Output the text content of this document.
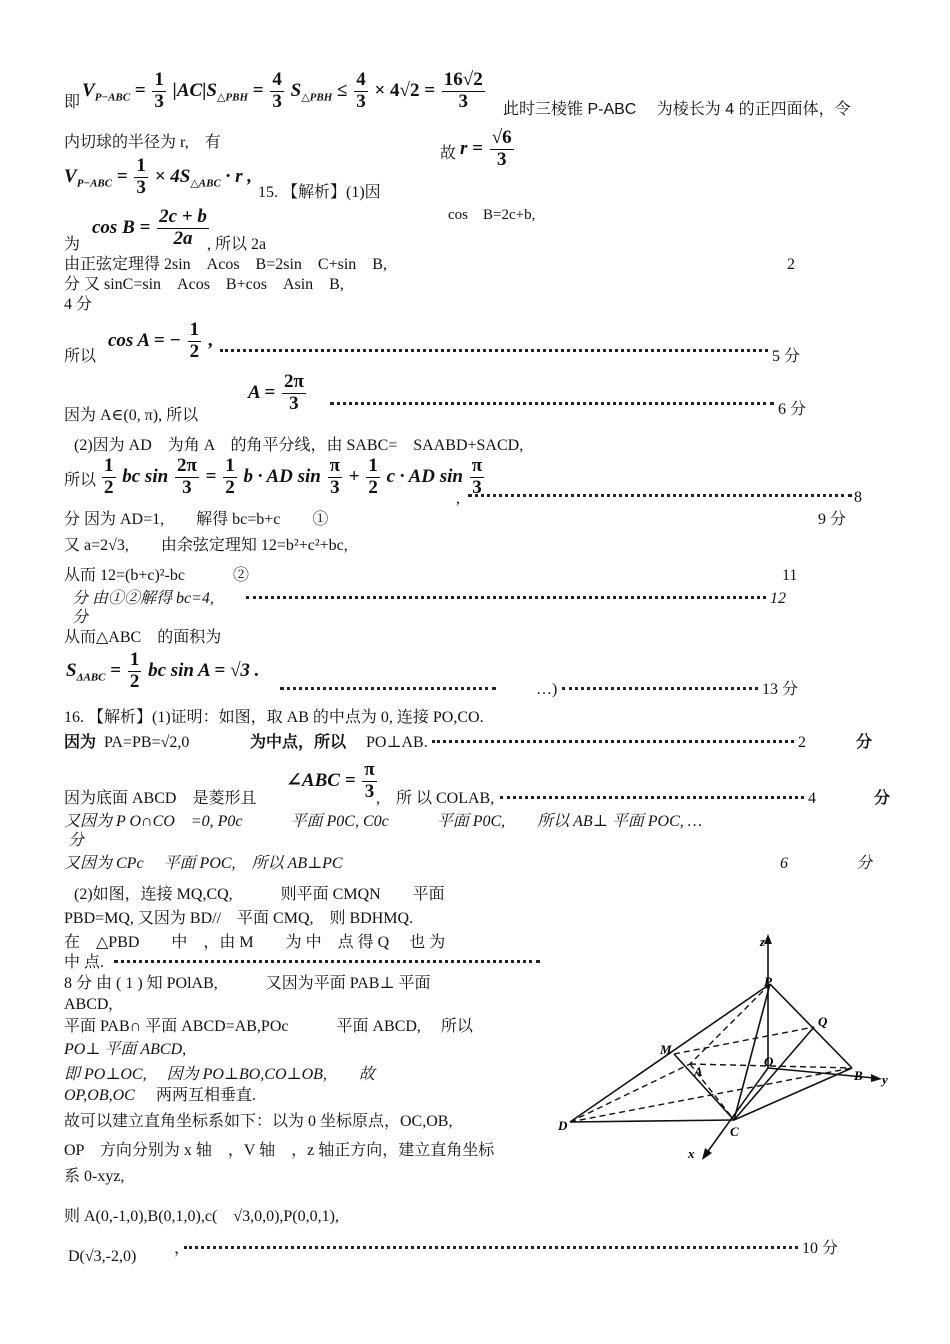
即
$V_{P-ABC} = \frac{1}{3} |AC|S_{\triangle PBH} = \frac{4}{3} S_{\triangle PBH} \le \frac{4}{3} \times 4√2 = \frac{16√2}{3}$ 此时三棱锥 P-ABC　 为棱长为 4 的正四面体，令
内切球的半径为 r,　有
故 $r = \frac{√6}{3}$
$V_{P-ABC} = \frac{1}{3} \times 4S_{\triangle ABC} \cdot r$ ,
15. 【解析】(1)因
cos　B=2c+b,
$\cos B = \frac{2c + b}{2a}$
为	, 所以 2a
由正弦定理得 2sin　Acos　B=2sin　C+sin　B,	2
分 又 sinC=sin　Acos　B+cos　Asin　B,
4 分
所以
cos A = − $\frac{1}{2}$ ,
5 分
因为 A∈(0, π), 所以
$A = \frac{2\pi}{3}$	6 分
(2)因为 AD　为角 A　的角平分线，由 SABC=　SAABD+SACD,
所以 $\frac{1}{2}$ bc $\sin \frac{2\pi}{3} = \frac{1}{2}$ b · AD $\sin \frac{\pi}{3} + \frac{1}{2}$ c · AD $\sin \frac{\pi}{3}$
,	8
分 因为 AD=1,　　解得 bc=b+c　　①	9 分
又 a=2√3,　　由余弦定理知 12=b²+c²+bc,
从而 12=(b+c)²-bc　　　②	11
分 由①②解得 bc=4,	12
分
从而△ABC　的面积为
$S_{\Delta ABC} = \frac{1}{2}$ bc sin A = √3 .
…)	13 分
16. 【解析】(1)证明：如图，取 AB 的中点为 0, 连接 PO,CO.
因为 PA=PB=√2,0	为中点，所以 PO⊥AB.	2	分
因为底面 ABCD　是菱形且
∠ABC = $\frac{\pi}{3}$ ,　所 以 COLAB,	4	分
又因为 P O∩CO　=0, P0c　　　平面 P0C, C0c　　　平面 P0C,　　所以 AB⊥ 平面 POC, …
分
又因为 CPc　 平面 POC,　所以 AB⊥PC	6	分
(2)如图，连接 MQ,CQ,　　　则平面 CMQN　　平面
PBD=MQ, 又因为 BD//　平面 CMQ,　则 BDHMQ.
在　△PBD　　中　，由 M　　为 中　点 得 Q　 也 为
中 点.
8 分 由 ( 1 ) 知 POlAB,　　　又因为平面 PAB⊥ 平面
ABCD,
平面 PAB∩ 平面 ABCD=AB,POc　　　平面 ABCD,　 所以
PO⊥ 平面 ABCD,
即 PO⊥OC,　 因为 PO⊥BO,CO⊥OB,　　故
OP,OB,OC 两两互相垂直.
故可以建立直角坐标系如下：以为 0 坐标原点，OC,OB,
OP　方向分别为 x 轴　，V 轴　，z 轴正方向，建立直角坐标
系 0-xyz,
则 A(0,-1,0),B(0,1,0),c(　√3,0,0),P(0,0,1),
D(√3,-2,0) ，	10 分
z
y
x
P
Q
M
A
O
B
C
D
